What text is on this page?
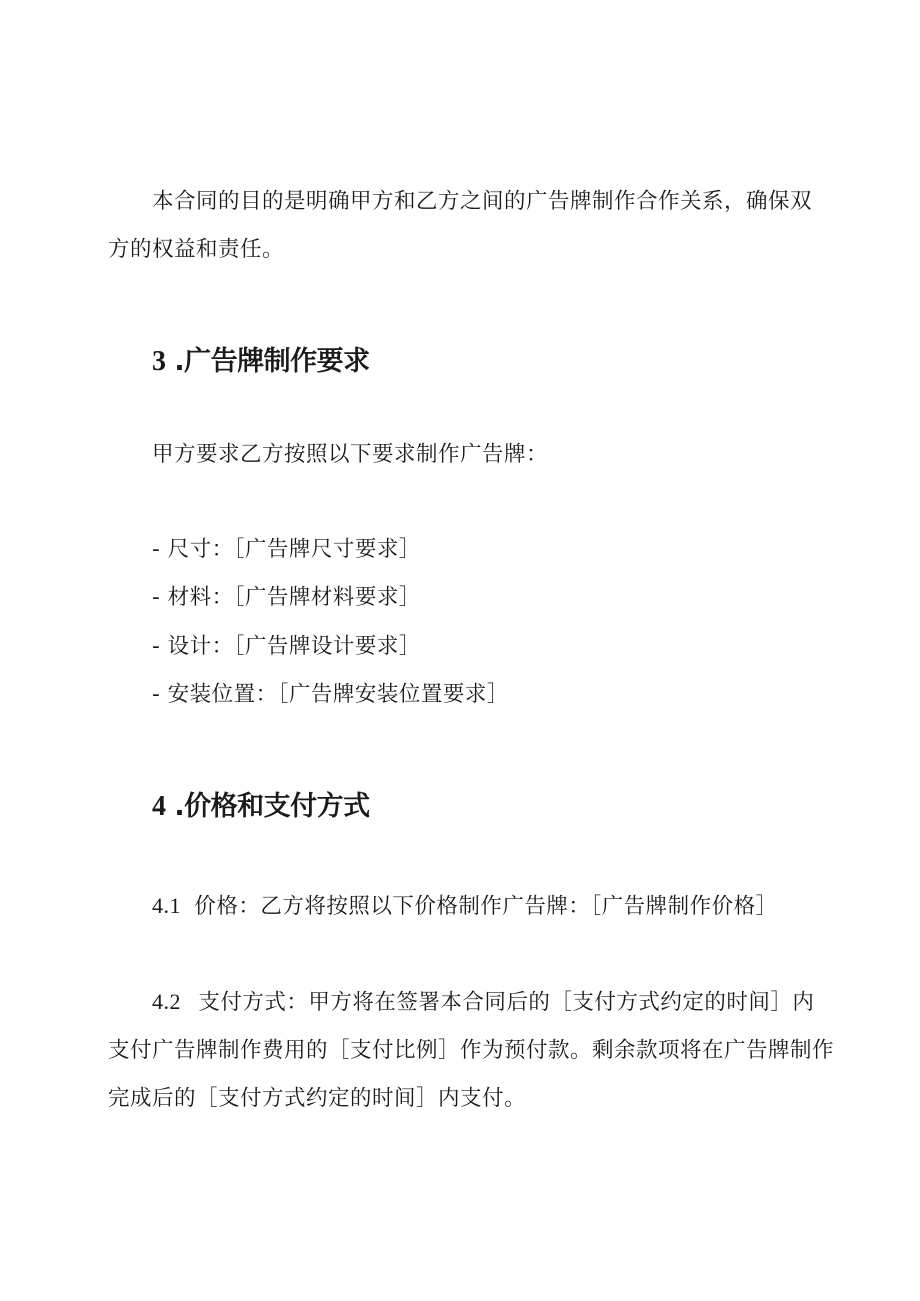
本合同的目的是明确甲方和乙方之间的广告牌制作合作关系，确保双
方的权益和责任。
3 .广告牌制作要求
甲方要求乙方按照以下要求制作广告牌：
- 尺寸：［广告牌尺寸要求］
- 材料：［广告牌材料要求］
- 设计：［广告牌设计要求］
- 安装位置：［广告牌安装位置要求］
4 .价格和支付方式
4.1 价格：乙方将按照以下价格制作广告牌：［广告牌制作价格］
4.2 支付方式：甲方将在签署本合同后的［支付方式约定的时间］内
支付广告牌制作费用的［支付比例］作为预付款。剩余款项将在广告牌制作
完成后的［支付方式约定的时间］内支付。
